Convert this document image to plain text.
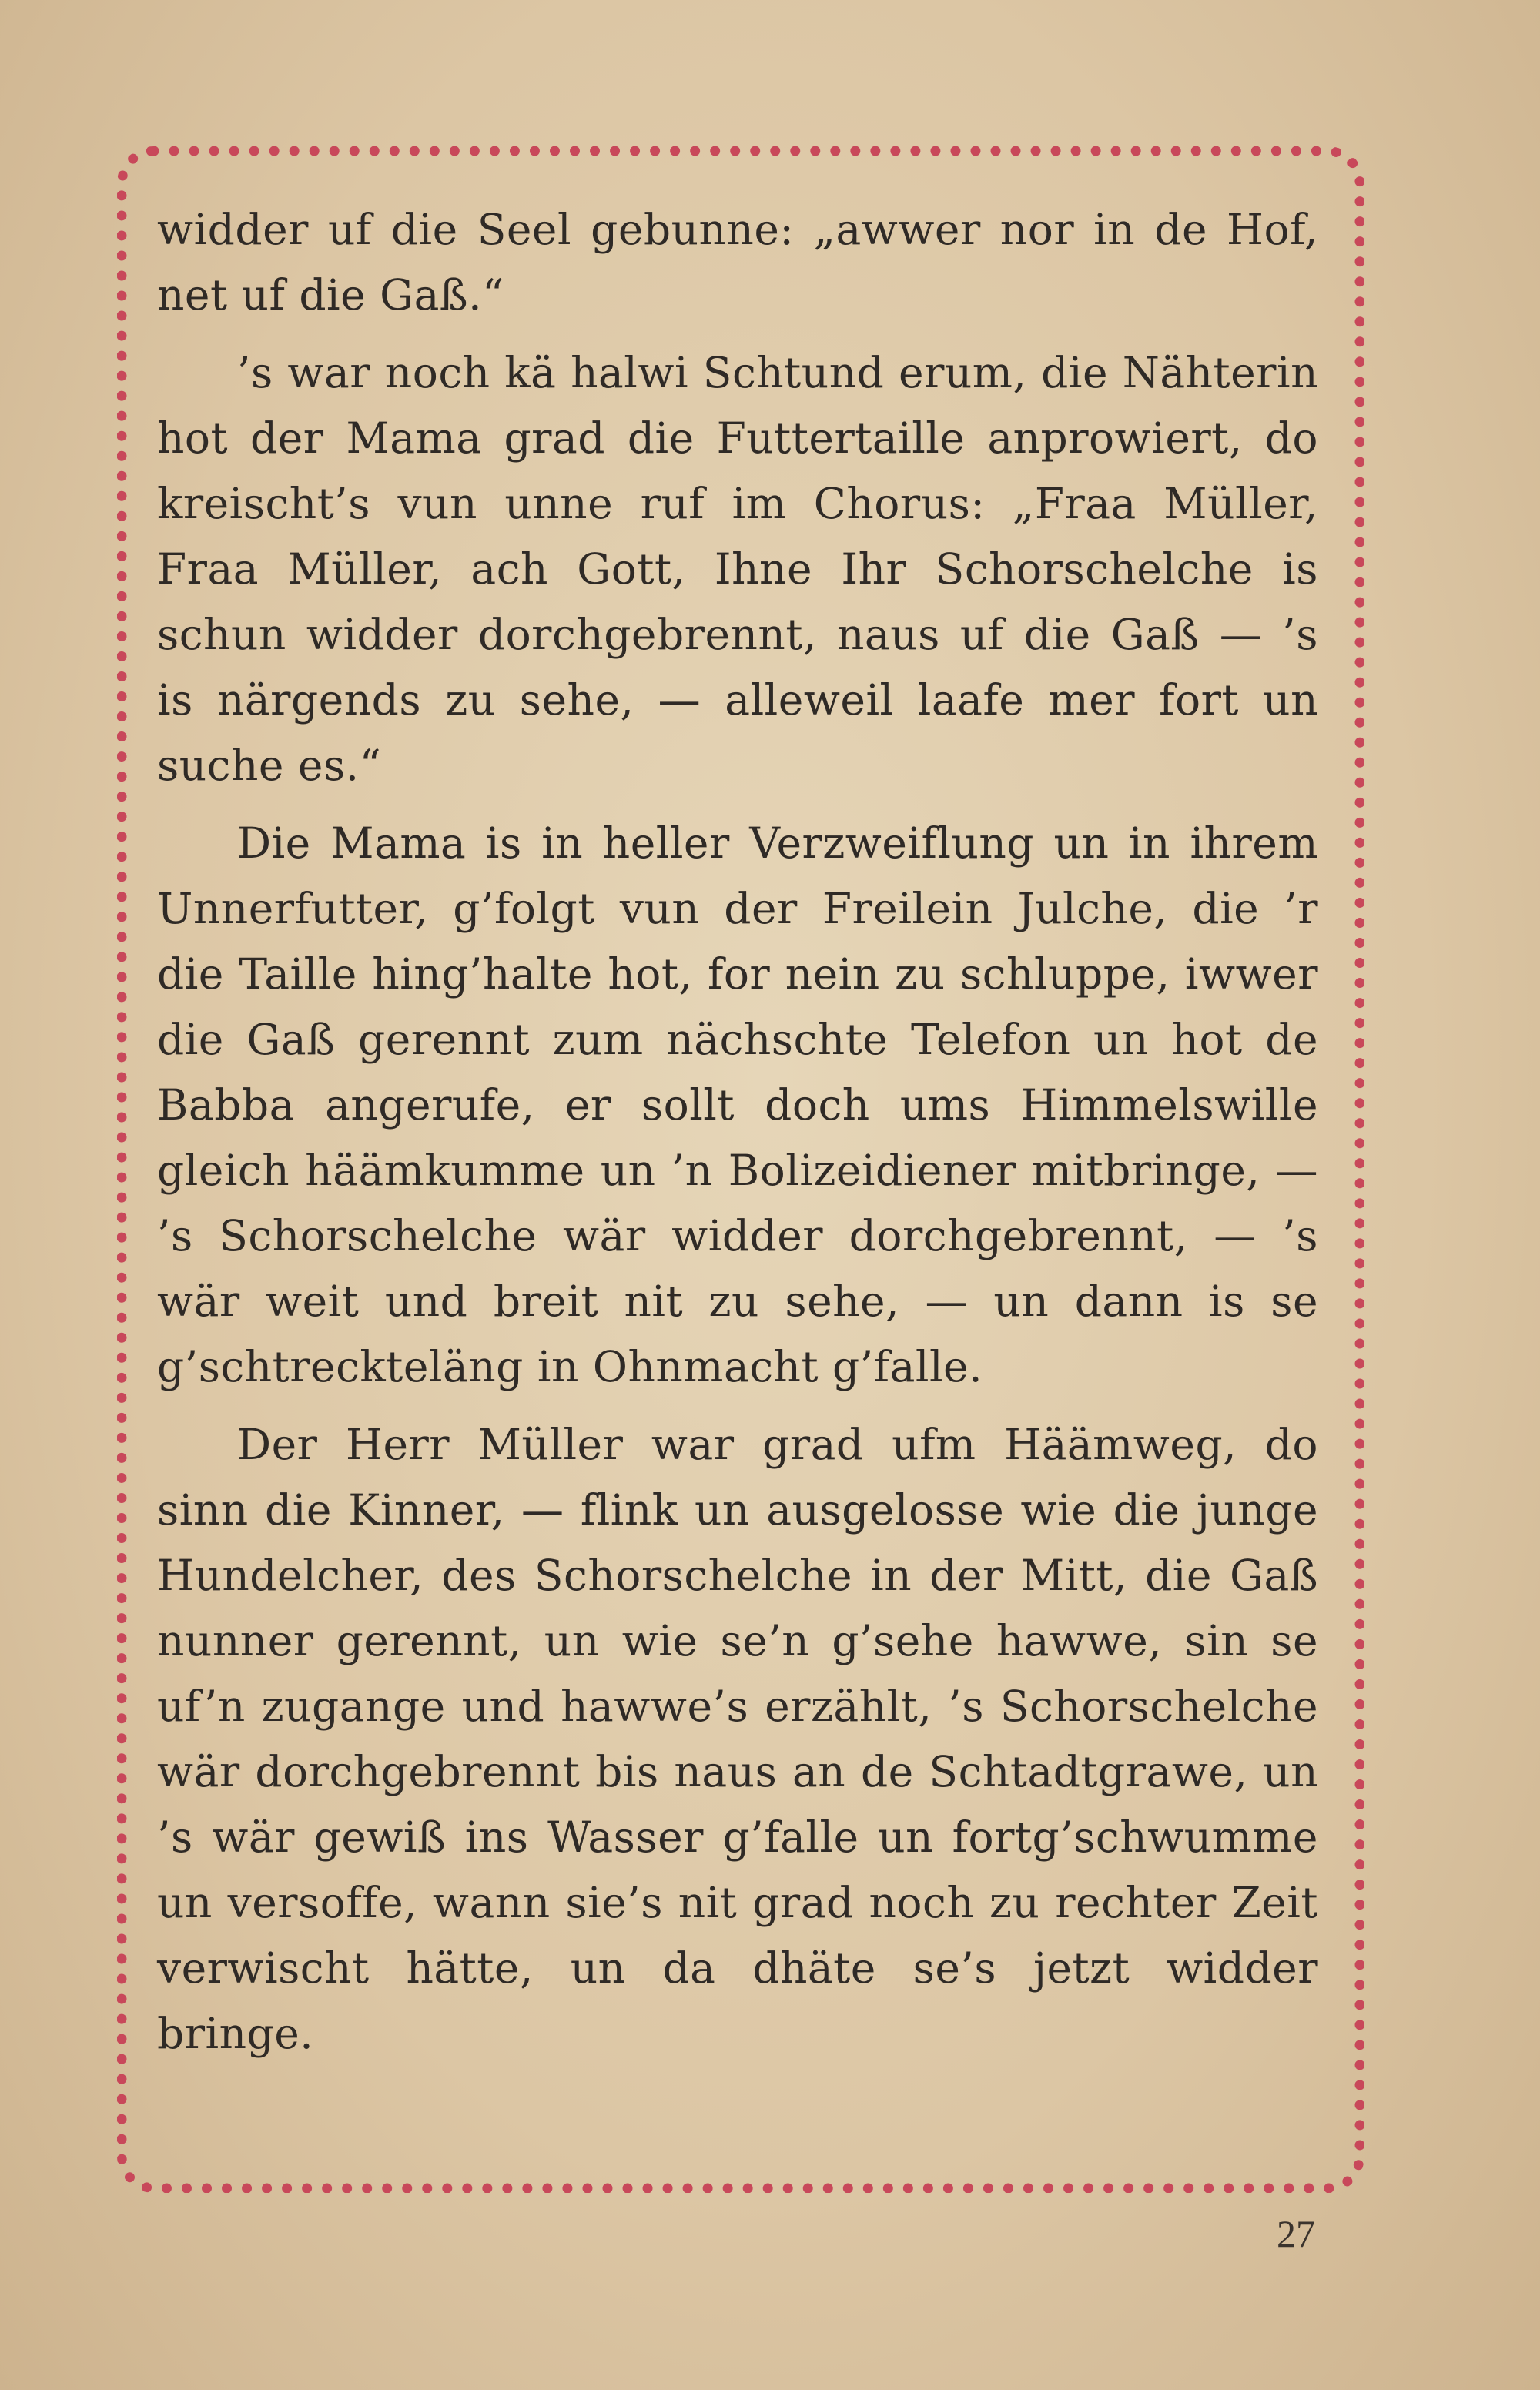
widder uf die Seel gebunne: „awwer nor in de Hof, net uf die Gaß.“

’s war noch kä halwi Schtund erum, die Nähterin hot der Mama grad die Futtertaille anprowiert, do kreischt’s vun unne ruf im Chorus: „Fraa Müller, Fraa Müller, ach Gott, Ihne Ihr Schorschelche is schun widder dorchgebrennt, naus uf die Gaß — ’s is närgends zu sehe, — alleweil laafe mer fort un suche es.“

Die Mama is in heller Verzweiflung un in ihrem Unnerfutter, g’folgt vun der Freilein Julche, die ’r die Taille hing’halte hot, for nein zu schluppe, iwwer die Gaß gerennt zum nächschte Telefon un hot de Babba angerufe, er sollt doch ums Himmelswille gleich häämkumme un ’n Bolizeidiener mitbringe, — ’s Schorschelche wär widder dorchgebrennt, — ’s wär weit und breit nit zu sehe, — un dann is se g’schtreckteläng in Ohnmacht g’falle.

Der Herr Müller war grad ufm Häämweg, do sinn die Kinner, — flink un ausgelosse wie die junge Hundelcher, des Schorschelche in der Mitt, die Gaß nunner gerennt, un wie se’n g’sehe hawwe, sin se uf’n zugange und hawwe’s erzählt, ’s Schorschelche wär dorchgebrennt bis naus an de Schtadtgrawe, un ’s wär gewiß ins Wasser g’falle un fortg’schwumme un versoffe, wann sie’s nit grad noch zu rechter Zeit verwischt hätte, un da dhäte se’s jetzt widder bringe.

27
